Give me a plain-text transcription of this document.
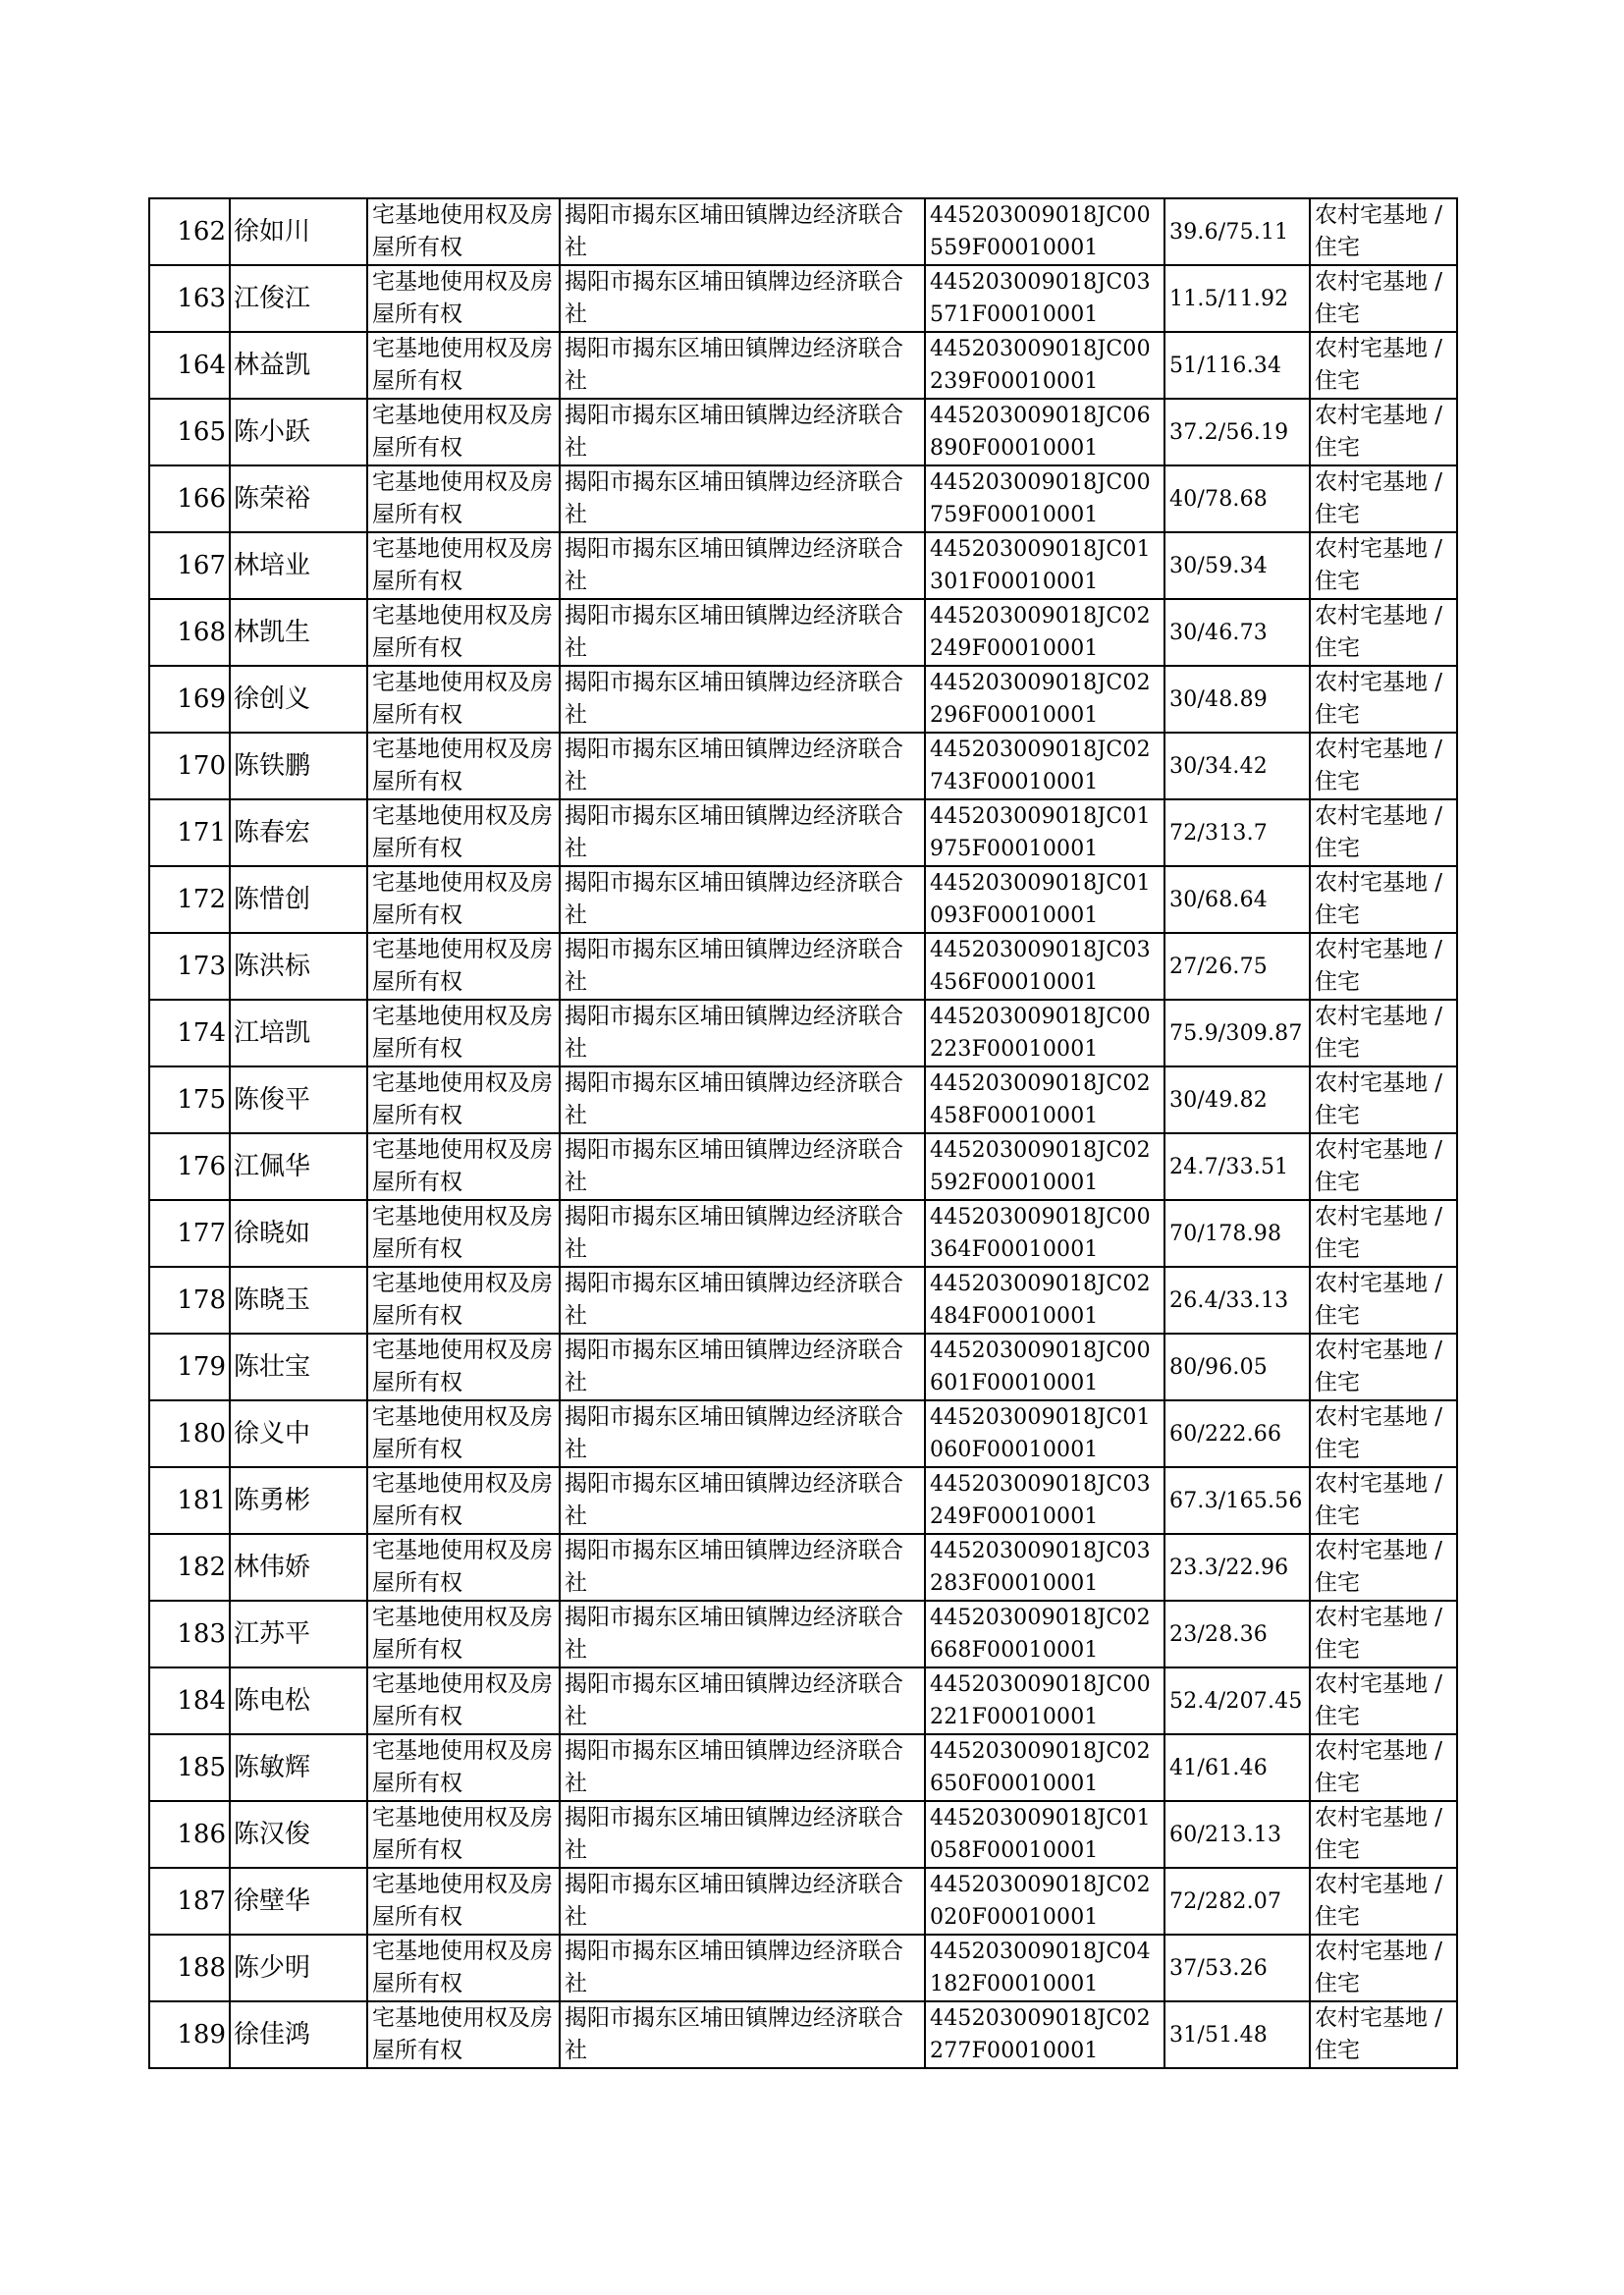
162	徐如川	宅基地使用权及房屋所有权	揭阳市揭东区埔田镇牌边经济联合社	445203009018JC00559F00010001	39.6/75.11	农村宅基地 / 住宅
163	江俊江	宅基地使用权及房屋所有权	揭阳市揭东区埔田镇牌边经济联合社	445203009018JC03571F00010001	11.5/11.92	农村宅基地 / 住宅
164	林益凯	宅基地使用权及房屋所有权	揭阳市揭东区埔田镇牌边经济联合社	445203009018JC00239F00010001	51/116.34	农村宅基地 / 住宅
165	陈小跃	宅基地使用权及房屋所有权	揭阳市揭东区埔田镇牌边经济联合社	445203009018JC06890F00010001	37.2/56.19	农村宅基地 / 住宅
166	陈荣裕	宅基地使用权及房屋所有权	揭阳市揭东区埔田镇牌边经济联合社	445203009018JC00759F00010001	40/78.68	农村宅基地 / 住宅
167	林培业	宅基地使用权及房屋所有权	揭阳市揭东区埔田镇牌边经济联合社	445203009018JC01301F00010001	30/59.34	农村宅基地 / 住宅
168	林凯生	宅基地使用权及房屋所有权	揭阳市揭东区埔田镇牌边经济联合社	445203009018JC02249F00010001	30/46.73	农村宅基地 / 住宅
169	徐创义	宅基地使用权及房屋所有权	揭阳市揭东区埔田镇牌边经济联合社	445203009018JC02296F00010001	30/48.89	农村宅基地 / 住宅
170	陈铁鹏	宅基地使用权及房屋所有权	揭阳市揭东区埔田镇牌边经济联合社	445203009018JC02743F00010001	30/34.42	农村宅基地 / 住宅
171	陈春宏	宅基地使用权及房屋所有权	揭阳市揭东区埔田镇牌边经济联合社	445203009018JC01975F00010001	72/313.7	农村宅基地 / 住宅
172	陈惜创	宅基地使用权及房屋所有权	揭阳市揭东区埔田镇牌边经济联合社	445203009018JC01093F00010001	30/68.64	农村宅基地 / 住宅
173	陈洪标	宅基地使用权及房屋所有权	揭阳市揭东区埔田镇牌边经济联合社	445203009018JC03456F00010001	27/26.75	农村宅基地 / 住宅
174	江培凯	宅基地使用权及房屋所有权	揭阳市揭东区埔田镇牌边经济联合社	445203009018JC00223F00010001	75.9/309.87	农村宅基地 / 住宅
175	陈俊平	宅基地使用权及房屋所有权	揭阳市揭东区埔田镇牌边经济联合社	445203009018JC02458F00010001	30/49.82	农村宅基地 / 住宅
176	江佩华	宅基地使用权及房屋所有权	揭阳市揭东区埔田镇牌边经济联合社	445203009018JC02592F00010001	24.7/33.51	农村宅基地 / 住宅
177	徐晓如	宅基地使用权及房屋所有权	揭阳市揭东区埔田镇牌边经济联合社	445203009018JC00364F00010001	70/178.98	农村宅基地 / 住宅
178	陈晓玉	宅基地使用权及房屋所有权	揭阳市揭东区埔田镇牌边经济联合社	445203009018JC02484F00010001	26.4/33.13	农村宅基地 / 住宅
179	陈壮宝	宅基地使用权及房屋所有权	揭阳市揭东区埔田镇牌边经济联合社	445203009018JC00601F00010001	80/96.05	农村宅基地 / 住宅
180	徐义中	宅基地使用权及房屋所有权	揭阳市揭东区埔田镇牌边经济联合社	445203009018JC01060F00010001	60/222.66	农村宅基地 / 住宅
181	陈勇彬	宅基地使用权及房屋所有权	揭阳市揭东区埔田镇牌边经济联合社	445203009018JC03249F00010001	67.3/165.56	农村宅基地 / 住宅
182	林伟娇	宅基地使用权及房屋所有权	揭阳市揭东区埔田镇牌边经济联合社	445203009018JC03283F00010001	23.3/22.96	农村宅基地 / 住宅
183	江苏平	宅基地使用权及房屋所有权	揭阳市揭东区埔田镇牌边经济联合社	445203009018JC02668F00010001	23/28.36	农村宅基地 / 住宅
184	陈电松	宅基地使用权及房屋所有权	揭阳市揭东区埔田镇牌边经济联合社	445203009018JC00221F00010001	52.4/207.45	农村宅基地 / 住宅
185	陈敏辉	宅基地使用权及房屋所有权	揭阳市揭东区埔田镇牌边经济联合社	445203009018JC02650F00010001	41/61.46	农村宅基地 / 住宅
186	陈汉俊	宅基地使用权及房屋所有权	揭阳市揭东区埔田镇牌边经济联合社	445203009018JC01058F00010001	60/213.13	农村宅基地 / 住宅
187	徐壁华	宅基地使用权及房屋所有权	揭阳市揭东区埔田镇牌边经济联合社	445203009018JC02020F00010001	72/282.07	农村宅基地 / 住宅
188	陈少明	宅基地使用权及房屋所有权	揭阳市揭东区埔田镇牌边经济联合社	445203009018JC04182F00010001	37/53.26	农村宅基地 / 住宅
189	徐佳鸿	宅基地使用权及房屋所有权	揭阳市揭东区埔田镇牌边经济联合社	445203009018JC02277F00010001	31/51.48	农村宅基地 / 住宅
